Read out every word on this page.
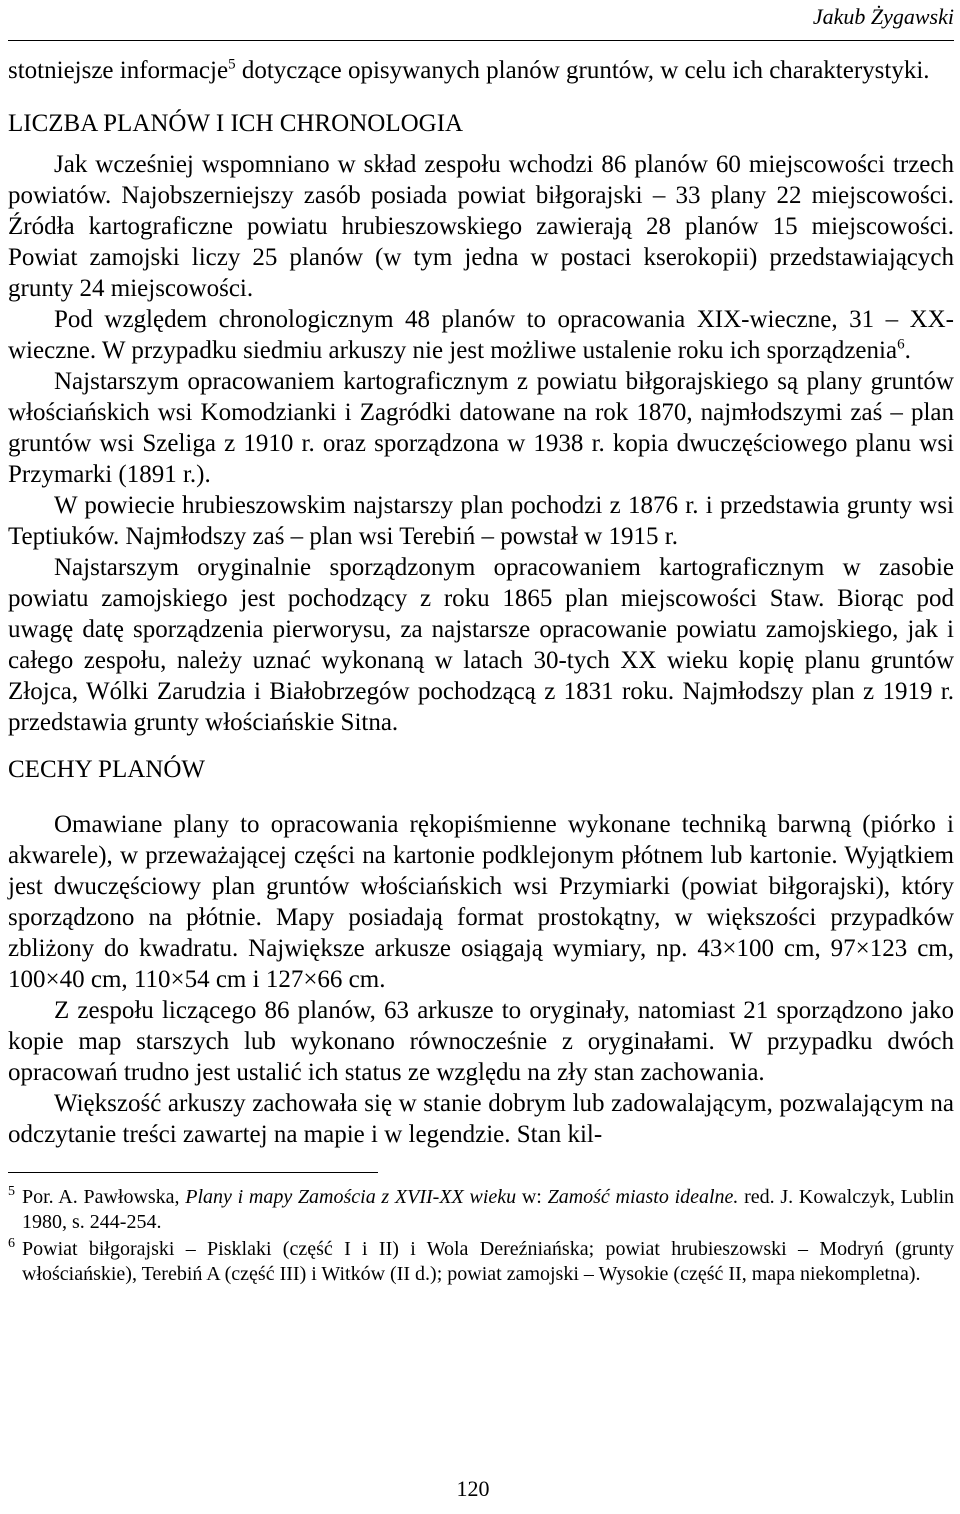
Jakub Żygawski

stotniejsze informacje$^5$ dotyczące opisywanych planów gruntów, w celu ich charakterystyki.

LICZBA PLANÓW I ICH CHRONOLOGIA

Jak wcześniej wspomniano w skład zespołu wchodzi 86 planów 60 miejscowości trzech powiatów. Najobszerniejszy zasób posiada powiat biłgorajski – 33 plany 22 miejscowości. Źródła kartograficzne powiatu hrubieszowskiego zawierają 28 planów 15 miejscowości. Powiat zamojski liczy 25 planów (w tym jedna w postaci kserokopii) przedstawiających grunty 24 miejscowości.

Pod względem chronologicznym 48 planów to opracowania XIX-wieczne, 31 – XX-wieczne. W przypadku siedmiu arkuszy nie jest możliwe ustalenie roku ich sporządzenia$^6$.

Najstarszym opracowaniem kartograficznym z powiatu biłgorajskiego są plany gruntów włościańskich wsi Komodzianki i Zagródki datowane na rok 1870, najmłodszymi zaś – plan gruntów wsi Szeliga z 1910 r. oraz sporządzona w 1938 r. kopia dwuczęściowego planu wsi Przymarki (1891 r.).

W powiecie hrubieszowskim najstarszy plan pochodzi z 1876 r. i przedstawia grunty wsi Teptiuków. Najmłodszy zaś – plan wsi Terebiń – powstał w 1915 r.

Najstarszym oryginalnie sporządzonym opracowaniem kartograficznym w zasobie powiatu zamojskiego jest pochodzący z roku 1865 plan miejscowości Staw. Biorąc pod uwagę datę sporządzenia pierworysu, za najstarsze opracowanie powiatu zamojskiego, jak i całego zespołu, należy uznać wykonaną w latach 30-tych XX wieku kopię planu gruntów Złojca, Wólki Zarudzia i Białobrzegów pochodzącą z 1831 roku. Najmłodszy plan z 1919 r. przedstawia grunty włościańskie Sitna.

CECHY PLANÓW

Omawiane plany to opracowania rękopiśmienne wykonane techniką barwną (piórko i akwarele), w przeważającej części na kartonie podklejonym płótnem lub kartonie. Wyjątkiem jest dwuczęściowy plan gruntów włościańskich wsi Przymiarki (powiat biłgorajski), który sporządzono na płótnie. Mapy posiadają format prostokątny, w większości przypadków zbliżony do kwadratu. Największe arkusze osiągają wymiary, np. 43×100 cm, 97×123 cm, 100×40 cm, 110×54 cm i 127×66 cm.

Z zespołu liczącego 86 planów, 63 arkusze to oryginały, natomiast 21 sporządzono jako kopie map starszych lub wykonano równocześnie z oryginałami. W przypadku dwóch opracowań trudno jest ustalić ich status ze względu na zły stan zachowania.

Większość arkuszy zachowała się w stanie dobrym lub zadowalającym, pozwalającym na odczytanie treści zawartej na mapie i w legendzie. Stan kil-

5 Por. A. Pawłowska, Plany i mapy Zamościa z XVII-XX wieku w: Zamość miasto idealne. red. J. Kowalczyk, Lublin 1980, s. 244-254.
6 Powiat biłgorajski – Pisklaki (część I i II) i Wola Dereźniańska; powiat hrubieszowski – Modryń (grunty włościańskie), Terebiń A (część III) i Witków (II d.); powiat zamojski – Wysokie (część II, mapa niekompletna).
120
